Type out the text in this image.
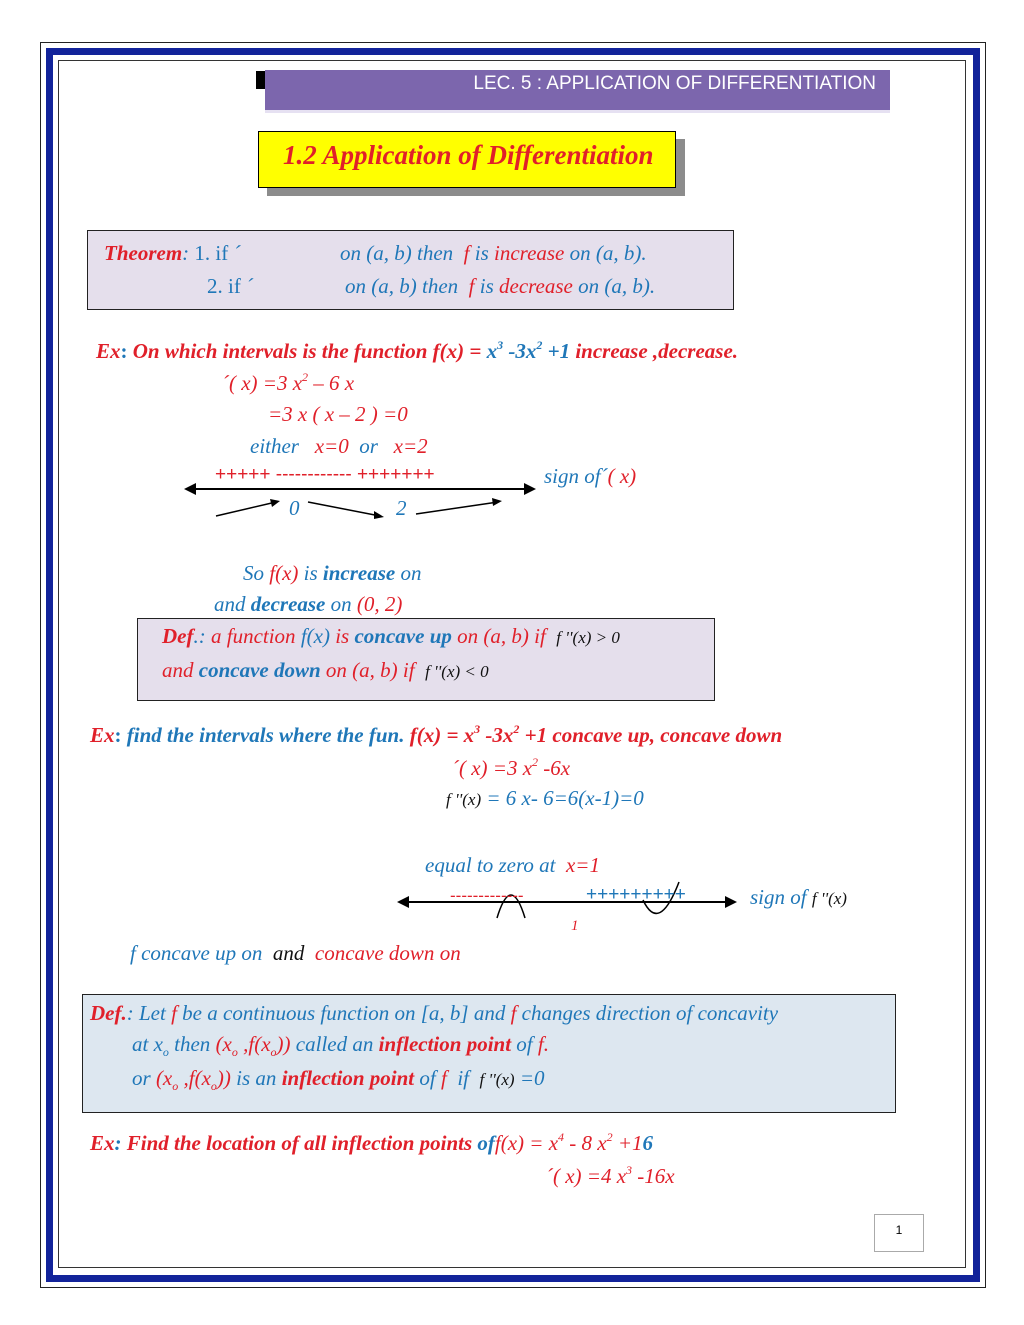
LEC. 5 : APPLICATION OF DIFFERENTIATION
1.2 Application of Differentiation
Theorem: 1. if ´	on (a, b) then f is increase on (a, b).
2. if ´	on (a, b) then f is decrease on (a, b).
Ex: On which intervals is the function $f(x) = x^3$ $-3x^2 +1$ increase ,decrease.
´( x) =3 $x^2 - 6$ x
=3 x ( x – 2 ) =0
either x=0 or x=2
+++++ ------------ +++++++	sign of´( x)
0	2
So f(x) is increase on
and decrease on (0, 2)
Def.: a function f(x) is concave up on (a, b) if f ''(x) > 0
and concave down on (a, b) if f ''(x) < 0
Ex: find the intervals where the fun. $f(x) = x^3$ $-3x^2 +1$ concave up, concave down
´( x) =3 $x^2$ -6x
f ''(x) = 6 x- 6=6(x-1)=0
equal to zero at x=1
-------------	+++++++++	sign of f ''(x)
1
f concave up on and concave down on
Def.: Let f be a continuous function on [a, b] and f changes direction of concavity
at $x_o$ then ($x_o$ $,f(x_o)$) called an inflection point of f.
or ($x_o$ $,f(x_o)$) is an inflection point of f if f ''(x) =0
Ex: Find the location of all inflection points $off(x) = x^4 - 8$ $x^2 +16$
´( x) =4 $x^3$ -16x
1
